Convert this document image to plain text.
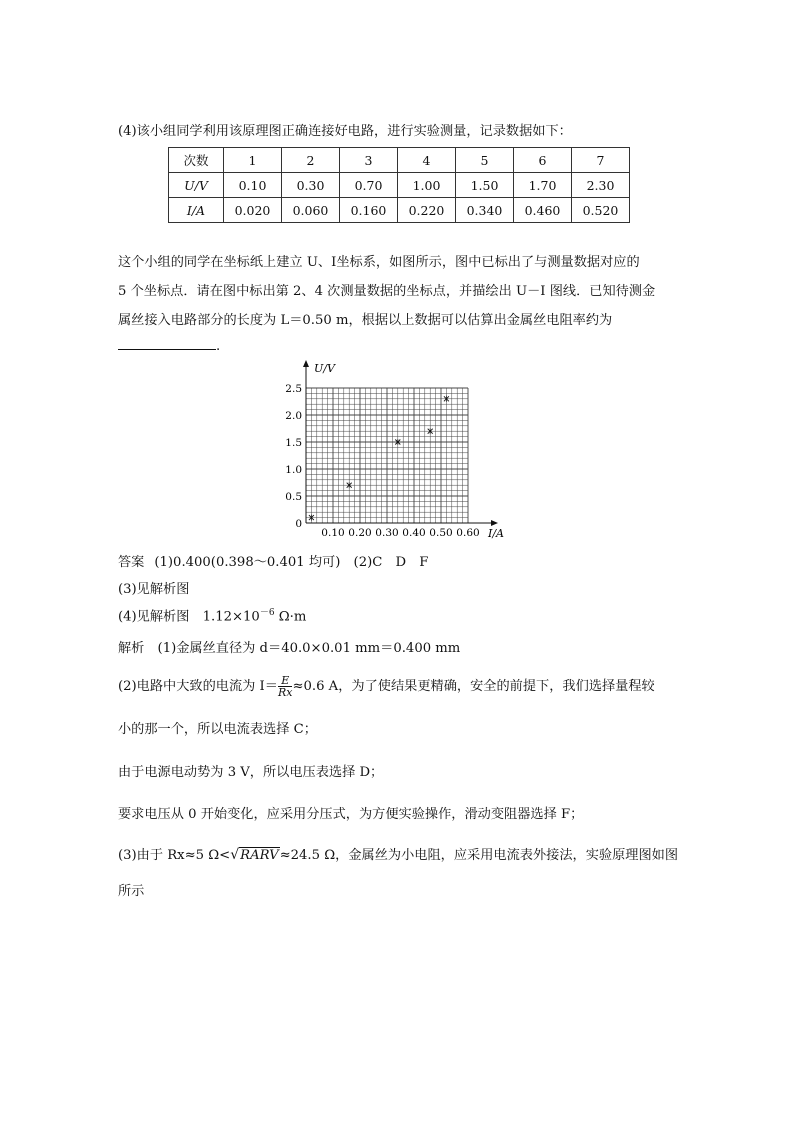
(4)该小组同学利用该原理图正确连接好电路，进行实验测量，记录数据如下：
次数	1	2	3	4	5	6	7
U/V	0.10	0.30	0.70	1.00	1.50	1.70	2.30
I/A	0.020	0.060	0.160	0.220	0.340	0.460	0.520
这个小组的同学在坐标纸上建立 U、I坐标系，如图所示，图中已标出了与测量数据对应的
5 个坐标点．请在图中标出第 2、4 次测量数据的坐标点，并描绘出 U－I 图线．已知待测金
属丝接入电路部分的长度为 L＝0.50 m，根据以上数据可以估算出金属丝电阻率约为
.
0.10 0.20 0.30 0.40 0.50 0.60
0
0.5
1.0
1.5
2.0
2.5
U/V
I/A
答案 (1)0.400(0.398～0.401 均可)　(2)C　D　F
(3)见解析图
(4)见解析图　$1.12\times 10^{-6}$ Ω·m
解析　(1)金属丝直径为 d＝40.0×0.01 mm＝0.400 mm
(2)电路中大致的电流为 $I= \frac{E}{Rx} \approx 0.6$ A，为了使结果更精确，安全的前提下，我们选择量程较
小的那一个，所以电流表选择 C；
由于电源电动势为 3 V，所以电压表选择 D；
要求电压从 0 开始变化，应采用分压式，为方便实验操作，滑动变阻器选择 F；
(3)由于 Rx≈5 Ω<√RARV≈24.5 Ω，金属丝为小电阻，应采用电流表外接法，实验原理图如图
所示
